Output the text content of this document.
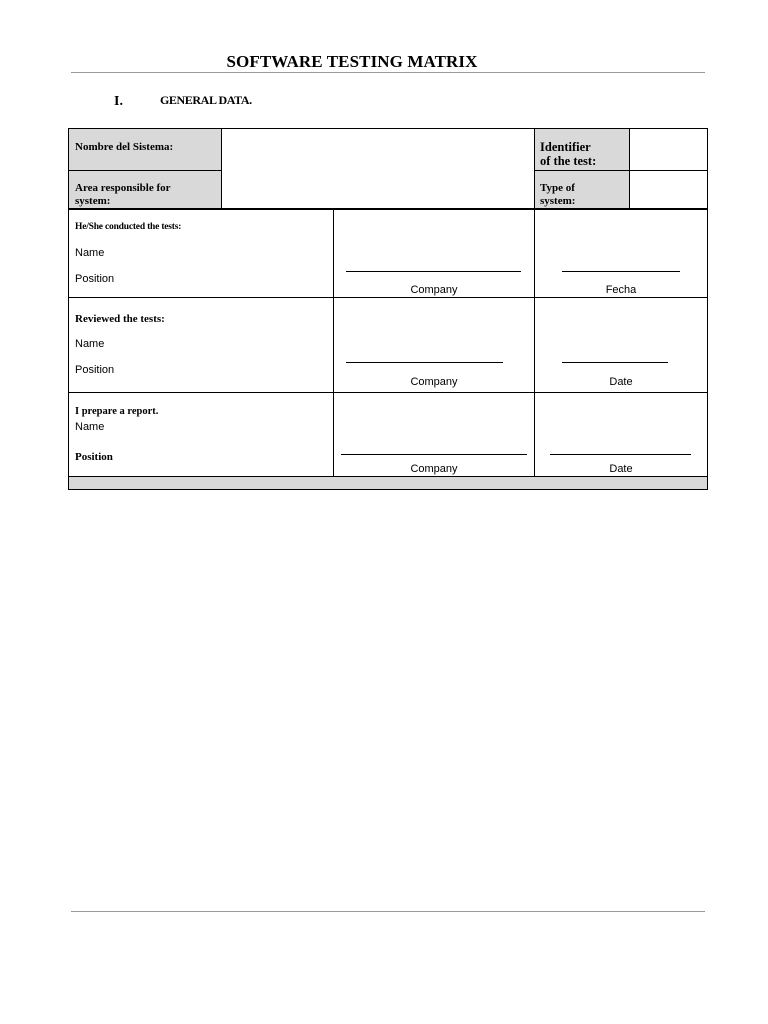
SOFTWARE TESTING MATRIX
I.	GENERAL DATA.
Nombre del Sistema:
Area responsible for
system:
Identifier
of the test:
Type of
system:
He/She conducted the tests:
Name
Position
Company	Fecha
Reviewed the tests:
Name
Position
Company	Date
I prepare a report.
Name
Position
Company	Date
